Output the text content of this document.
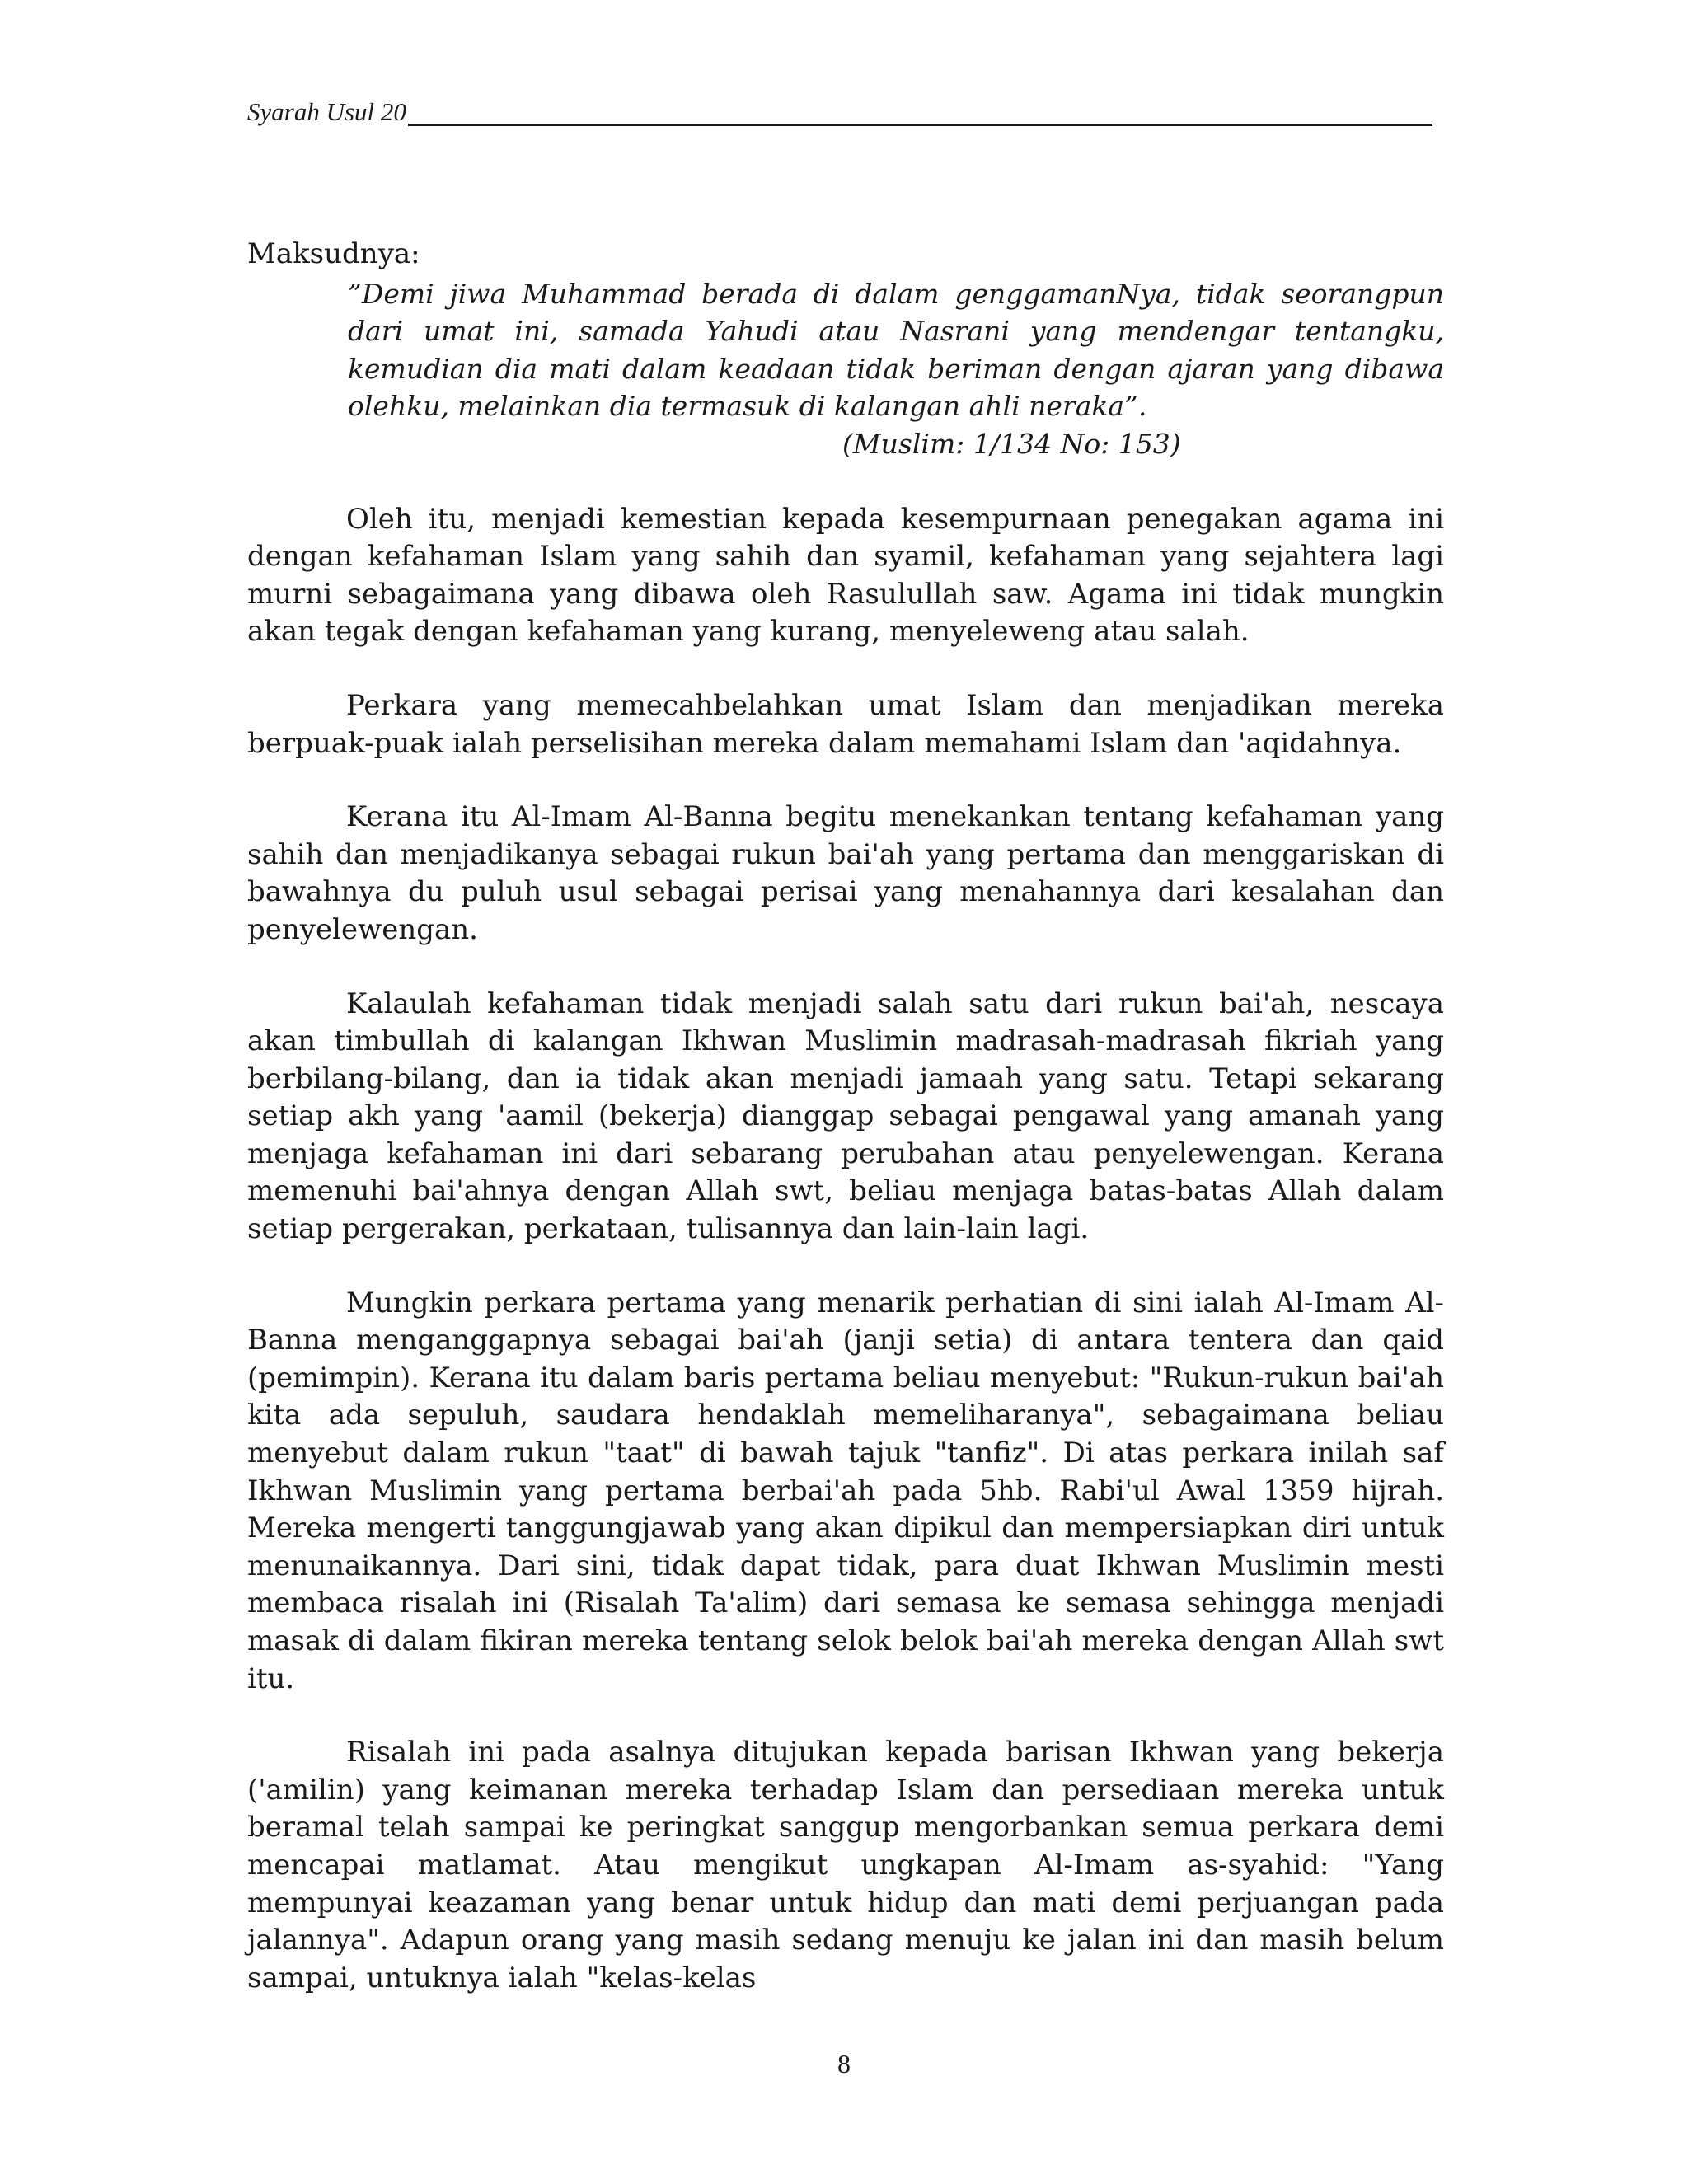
Syarah Usul 20

Maksudnya:

”Demi jiwa Muhammad berada di dalam genggamanNya, tidak seorangpun dari umat ini, samada Yahudi atau Nasrani yang mendengar tentangku, kemudian dia mati dalam keadaan tidak beriman dengan ajaran yang dibawa olehku, melainkan dia termasuk di kalangan ahli neraka”.

(Muslim: 1/134 No: 153)

Oleh itu, menjadi kemestian kepada kesempurnaan penegakan agama ini dengan kefahaman Islam yang sahih dan syamil, kefahaman yang sejahtera lagi murni sebagaimana yang dibawa oleh Rasulullah saw. Agama ini tidak mungkin akan tegak dengan kefahaman yang kurang, menyeleweng atau salah.

Perkara yang memecahbelahkan umat Islam dan menjadikan mereka berpuak-puak ialah perselisihan mereka dalam memahami Islam dan 'aqidahnya.

Kerana itu Al-Imam Al-Banna begitu menekankan tentang kefahaman yang sahih dan menjadikanya sebagai rukun bai'ah yang pertama dan menggariskan di bawahnya du puluh usul sebagai perisai yang menahannya dari kesalahan dan penyelewengan.

Kalaulah kefahaman tidak menjadi salah satu dari rukun bai'ah, nescaya akan timbullah di kalangan Ikhwan Muslimin madrasah-madrasah fikriah yang berbilang-bilang, dan ia tidak akan menjadi jamaah yang satu. Tetapi sekarang setiap akh yang 'aamil (bekerja) dianggap sebagai pengawal yang amanah yang menjaga kefahaman ini dari sebarang perubahan atau penyelewengan. Kerana memenuhi bai'ahnya dengan Allah swt, beliau menjaga batas-batas Allah dalam setiap pergerakan, perkataan, tulisannya dan lain-lain lagi.

Mungkin perkara pertama yang menarik perhatian di sini ialah Al-Imam Al-Banna menganggapnya sebagai bai'ah (janji setia) di antara tentera dan qaid (pemimpin). Kerana itu dalam baris pertama beliau menyebut: "Rukun-rukun bai'ah kita ada sepuluh, saudara hendaklah memeliharanya", sebagaimana beliau menyebut dalam rukun "taat" di bawah tajuk "tanfiz". Di atas perkara inilah saf Ikhwan Muslimin yang pertama berbai'ah pada 5hb. Rabi'ul Awal 1359 hijrah. Mereka mengerti tanggungjawab yang akan dipikul dan mempersiapkan diri untuk menunaikannya. Dari sini, tidak dapat tidak, para duat Ikhwan Muslimin mesti membaca risalah ini (Risalah Ta'alim) dari semasa ke semasa sehingga menjadi masak di dalam fikiran mereka tentang selok belok bai'ah mereka dengan Allah swt itu.

Risalah ini pada asalnya ditujukan kepada barisan Ikhwan yang bekerja ('amilin) yang keimanan mereka terhadap Islam dan persediaan mereka untuk beramal telah sampai ke peringkat sanggup mengorbankan semua perkara demi mencapai matlamat. Atau mengikut ungkapan Al-Imam as-syahid: "Yang mempunyai keazaman yang benar untuk hidup dan mati demi perjuangan pada jalannya". Adapun orang yang masih sedang menuju ke jalan ini dan masih belum sampai, untuknya ialah "kelas-kelas

8
